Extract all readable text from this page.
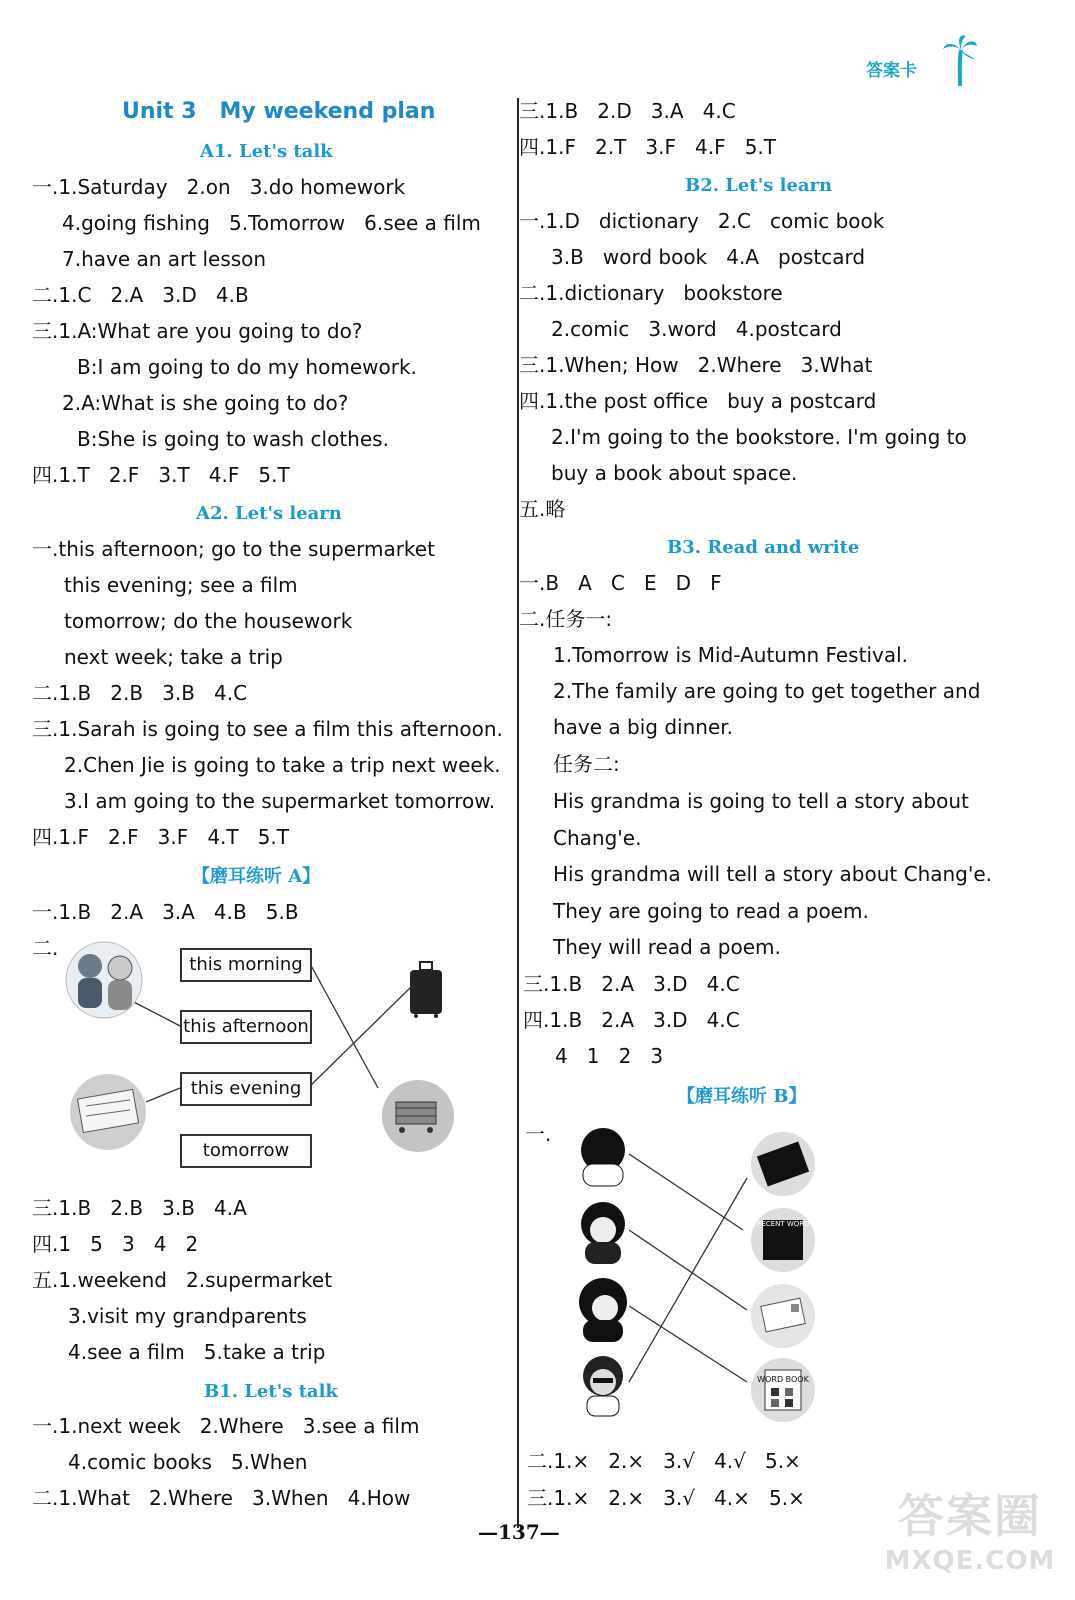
答案卡
Unit 3   My weekend plan
A1. Let's talk
一.1.Saturday   2.on   3.do homework
4.going fishing   5.Tomorrow   6.see a film
7.have an art lesson
二.1.C   2.A   3.D   4.B
三.1.A:What are you going to do?
B:I am going to do my homework.
2.A:What is she going to do?
B:She is going to wash clothes.
四.1.T   2.F   3.T   4.F   5.T
A2. Let's learn
一.this afternoon; go to the supermarket
this evening; see a film
tomorrow; do the housework
next week; take a trip
二.1.B   2.B   3.B   4.C
三.1.Sarah is going to see a film this afternoon.
2.Chen Jie is going to take a trip next week.
3.I am going to the supermarket tomorrow.
四.1.F   2.F   3.F   4.T   5.T
【磨耳练听 A】
一.1.B   2.A   3.A   4.B   5.B
二.
this morning
this afternoon
this evening
tomorrow
三.1.B   2.B   3.B   4.A
四.1   5   3   4   2
五.1.weekend   2.supermarket
3.visit my grandparents
4.see a film   5.take a trip
B1. Let's talk
一.1.next week   2.Where   3.see a film
4.comic books   5.When
二.1.What   2.Where   3.When   4.How
三.1.B   2.D   3.A   4.C
四.1.F   2.T   3.F   4.F   5.T
B2. Let's learn
一.1.D   dictionary   2.C   comic book
3.B   word book   4.A   postcard
二.1.dictionary   bookstore
2.comic   3.word   4.postcard
三.1.When; How   2.Where   3.What
四.1.the post office   buy a postcard
2.I'm going to the bookstore. I'm going to
buy a book about space.
五.略
B3. Read and write
一.B   A   C   E   D   F
二.任务一:
1.Tomorrow is Mid-Autumn Festival.
2.The family are going to get together and
have a big dinner.
任务二:
His grandma is going to tell a story about
Chang'e.
His grandma will tell a story about Chang'e.
They are going to read a poem.
They will read a poem.
三.1.B   2.A   3.D   4.C
四.1.B   2.A   3.D   4.C
4   1   2   3
【磨耳练听 B】
一.
RECENT WORD
WORD BOOK
二.1.×   2.×   3.√   4.√   5.×
三.1.×   2.×   3.√   4.×   5.×
—137—	答案圈
MXQE.COM
